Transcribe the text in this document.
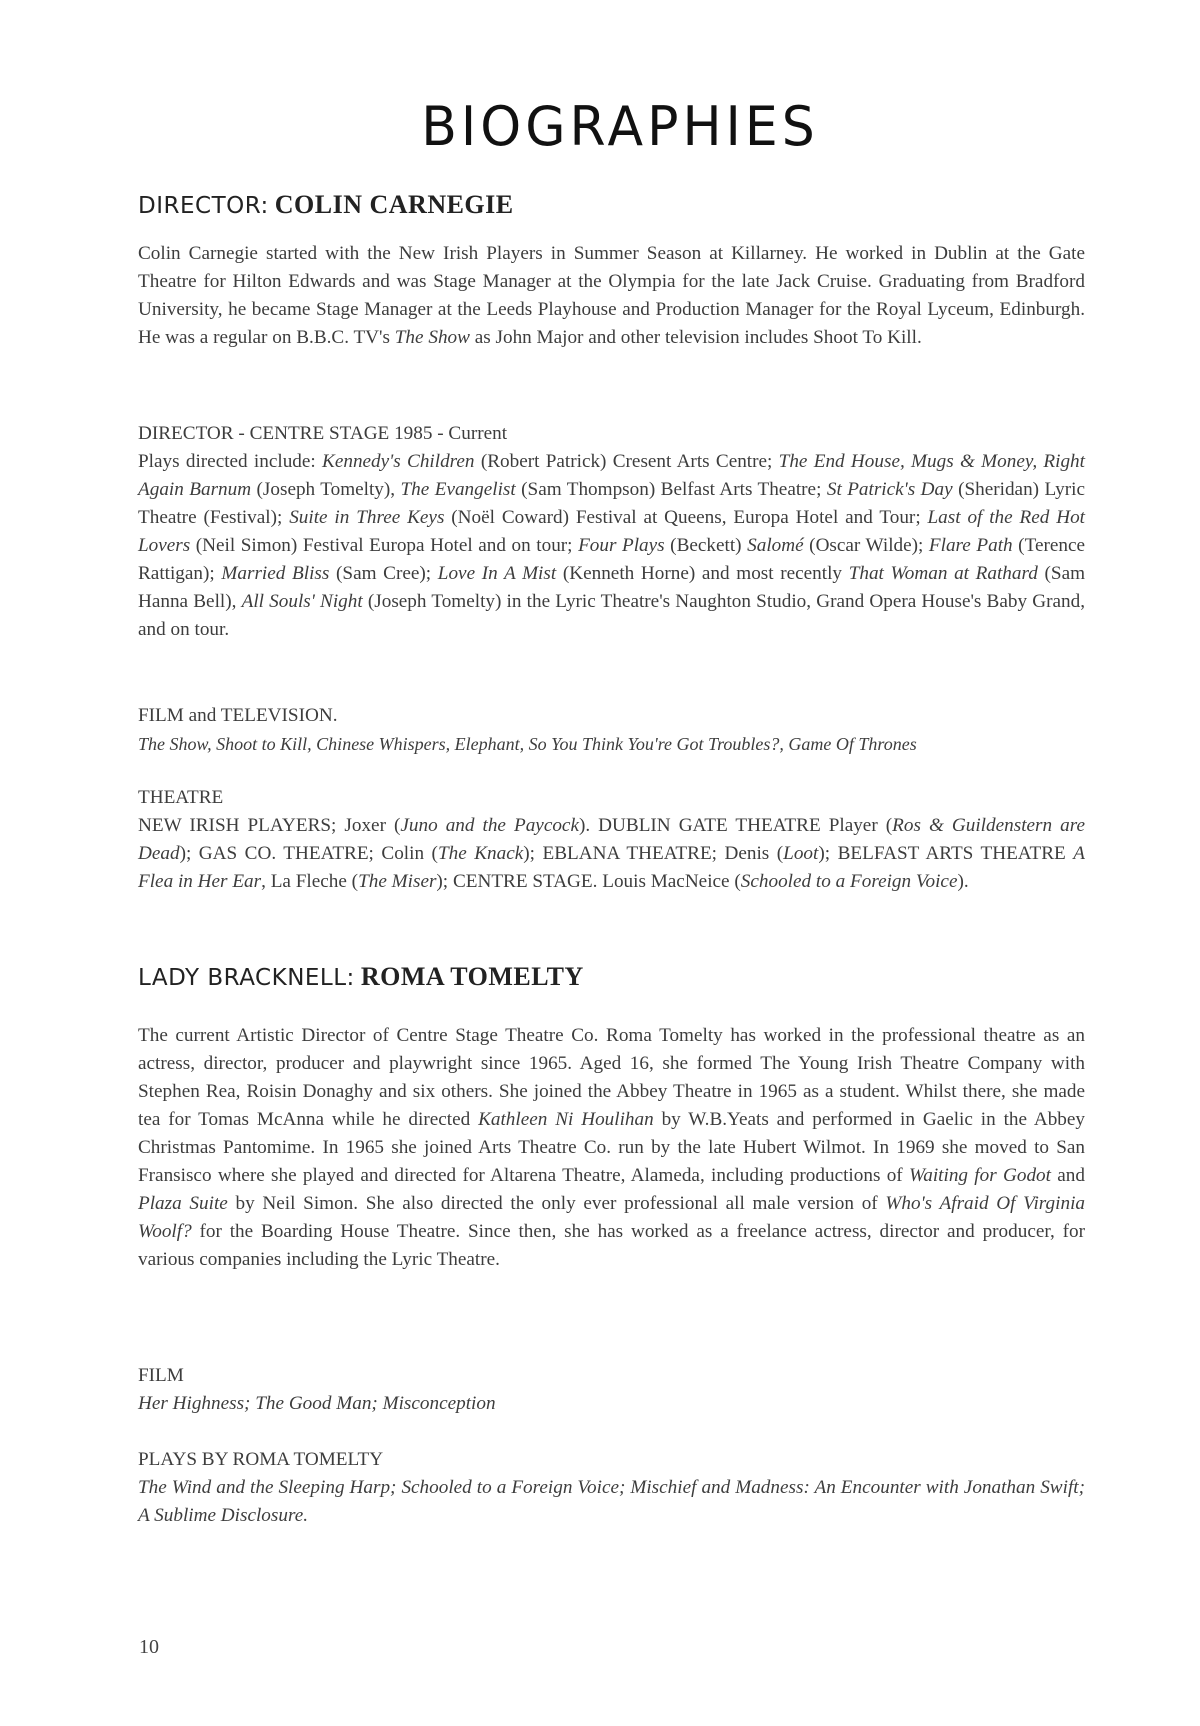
BIOGRAPHIES
DIRECTOR: COLIN CARNEGIE

Colin Carnegie started with the New Irish Players in Summer Season at Killarney. He worked in Dublin at the Gate Theatre for Hilton Edwards and was Stage Manager at the Olympia for the late Jack Cruise. Graduating from Bradford University, he became Stage Manager at the Leeds Playhouse and Production Manager for the Royal Lyceum, Edinburgh. He was a regular on B.B.C. TV's The Show as John Major and other television includes Shoot To Kill.

DIRECTOR - CENTRE STAGE 1985 - Current
Plays directed include: Kennedy's Children (Robert Patrick) Cresent Arts Centre; The End House, Mugs & Money, Right Again Barnum (Joseph Tomelty), The Evangelist (Sam Thompson) Belfast Arts Theatre; St Patrick's Day (Sheridan) Lyric Theatre (Festival); Suite in Three Keys (Noël Coward) Festival at Queens, Europa Hotel and Tour; Last of the Red Hot Lovers (Neil Simon) Festival Europa Hotel and on tour; Four Plays (Beckett) Salomé (Oscar Wilde); Flare Path (Terence Rattigan); Married Bliss (Sam Cree); Love In A Mist (Kenneth Horne) and most recently That Woman at Rathard (Sam Hanna Bell), All Souls' Night (Joseph Tomelty) in the Lyric Theatre's Naughton Studio, Grand Opera House's Baby Grand, and on tour.
FILM and TELEVISION.
The Show, Shoot to Kill, Chinese Whispers, Elephant, So You Think You're Got Troubles?, Game Of Thrones
THEATRE
NEW IRISH PLAYERS; Joxer (Juno and the Paycock). DUBLIN GATE THEATRE Player (Ros & Guildenstern are Dead); GAS CO. THEATRE; Colin (The Knack); EBLANA THEATRE; Denis (Loot); BELFAST ARTS THEATRE A Flea in Her Ear, La Fleche (The Miser); CENTRE STAGE. Louis MacNeice (Schooled to a Foreign Voice).
LADY BRACKNELL: ROMA TOMELTY

The current Artistic Director of Centre Stage Theatre Co. Roma Tomelty has worked in the professional theatre as an actress, director, producer and playwright since 1965. Aged 16, she formed The Young Irish Theatre Company with Stephen Rea, Roisin Donaghy and six others. She joined the Abbey Theatre in 1965 as a student. Whilst there, she made tea for Tomas McAnna while he directed Kathleen Ni Houlihan by W.B.Yeats and performed in Gaelic in the Abbey Christmas Pantomime. In 1965 she joined Arts Theatre Co. run by the late Hubert Wilmot. In 1969 she moved to San Fransisco where she played and directed for Altarena Theatre, Alameda, including productions of Waiting for Godot and Plaza Suite by Neil Simon. She also directed the only ever professional all male version of Who's Afraid Of Virginia Woolf? for the Boarding House Theatre. Since then, she has worked as a freelance actress, director and producer, for various companies including the Lyric Theatre.

FILM
Her Highness; The Good Man; Misconception
PLAYS BY ROMA TOMELTY
The Wind and the Sleeping Harp; Schooled to a Foreign Voice; Mischief and Madness: An Encounter with Jonathan Swift; A Sublime Disclosure.
10
